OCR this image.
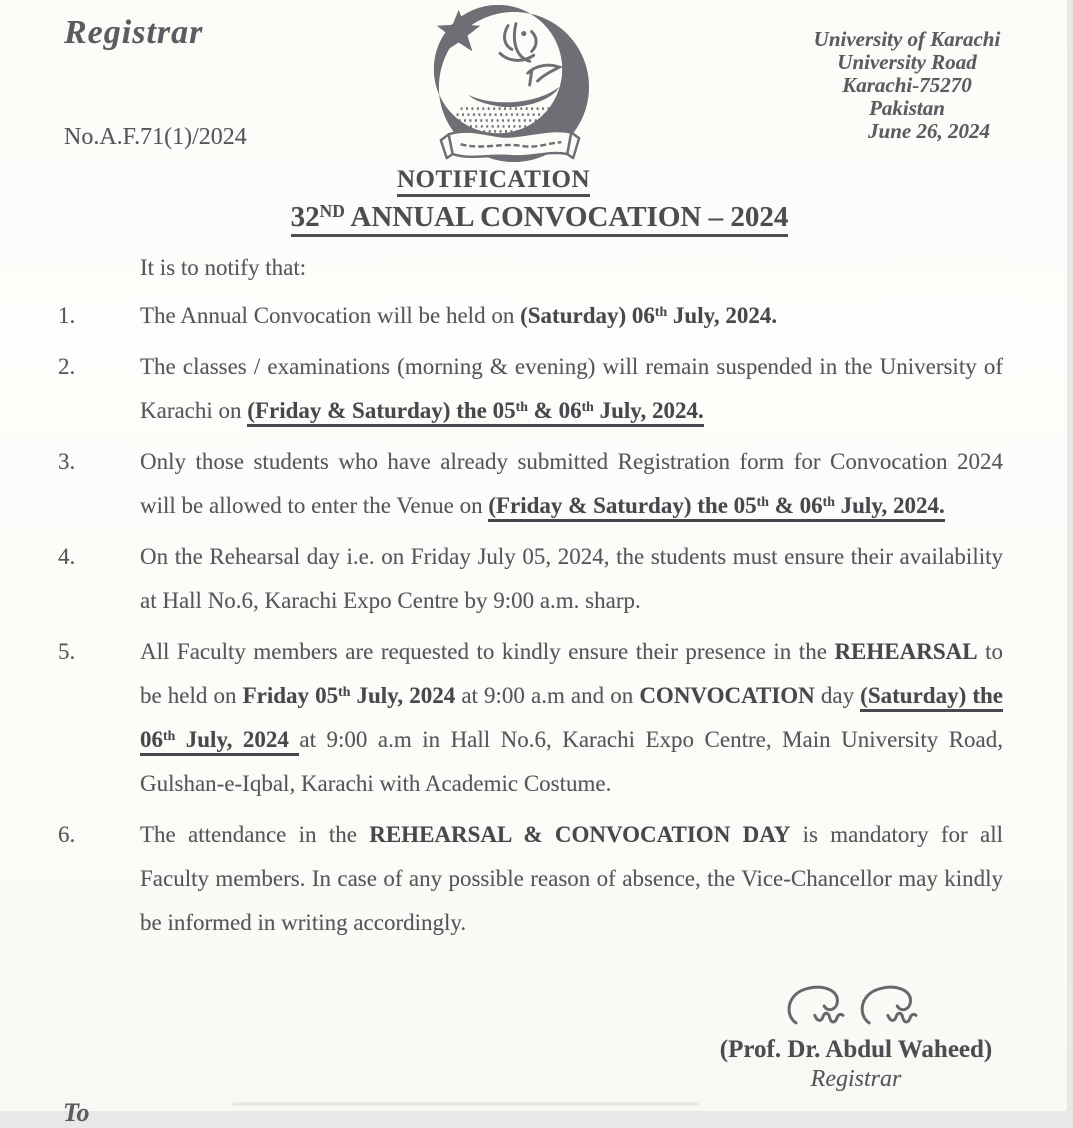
Registrar
No.A.F.71(1)/2024
University of Karachi
University Road
Karachi-75270
Pakistan
June 26, 2024
NOTIFICATION
32ND ANNUAL CONVOCATION – 2024

It is to notify that:

1.	The Annual Convocation will be held on (Saturday) 06th July, 2024.

2.	The classes / examinations (morning & evening) will remain suspended in the University of Karachi on (Friday & Saturday) the 05th & 06th July, 2024.

3.	Only those students who have already submitted Registration form for Convocation 2024 will be allowed to enter the Venue on (Friday & Saturday) the 05th & 06th July, 2024.

4.	On the Rehearsal day i.e. on Friday July 05, 2024, the students must ensure their availability at Hall No.6, Karachi Expo Centre by 9:00 a.m. sharp.

5.	All Faculty members are requested to kindly ensure their presence in the REHEARSAL to be held on Friday 05th July, 2024 at 9:00 a.m and on CONVOCATION day (Saturday) the 06th July, 2024 at 9:00 a.m in Hall No.6, Karachi Expo Centre, Main University Road, Gulshan-e-Iqbal, Karachi with Academic Costume.

6.	The attendance in the REHEARSAL & CONVOCATION DAY is mandatory for all Faculty members. In case of any possible reason of absence, the Vice-Chancellor may kindly be informed in writing accordingly.

(Prof. Dr. Abdul Waheed)
Registrar
To
